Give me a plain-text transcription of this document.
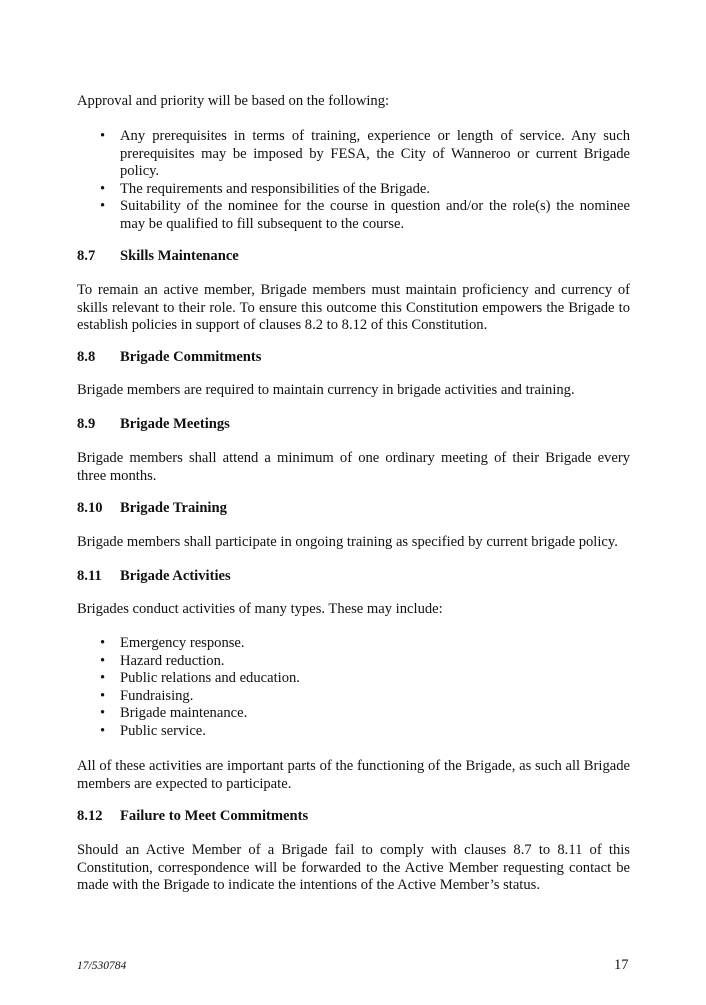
Approval and priority will be based on the following:

• Any prerequisites in terms of training, experience or length of service. Any such prerequisites may be imposed by FESA, the City of Wanneroo or current Brigade policy.
• The requirements and responsibilities of the Brigade.
• Suitability of the nominee for the course in question and/or the role(s) the nominee may be qualified to fill subsequent to the course.
8.7 Skills Maintenance

To remain an active member, Brigade members must maintain proficiency and currency of skills relevant to their role. To ensure this outcome this Constitution empowers the Brigade to establish policies in support of clauses 8.2 to 8.12 of this Constitution.

8.8 Brigade Commitments

Brigade members are required to maintain currency in brigade activities and training.

8.9 Brigade Meetings

Brigade members shall attend a minimum of one ordinary meeting of their Brigade every three months.

8.10 Brigade Training

Brigade members shall participate in ongoing training as specified by current brigade policy.

8.11 Brigade Activities

Brigades conduct activities of many types. These may include:

• Emergency response.
• Hazard reduction.
• Public relations and education.
• Fundraising.
• Brigade maintenance.
• Public service.

All of these activities are important parts of the functioning of the Brigade, as such all Brigade members are expected to participate.

8.12 Failure to Meet Commitments

Should an Active Member of a Brigade fail to comply with clauses 8.7 to 8.11 of this Constitution, correspondence will be forwarded to the Active Member requesting contact be made with the Brigade to indicate the intentions of the Active Member’s status.

17/530784	17
